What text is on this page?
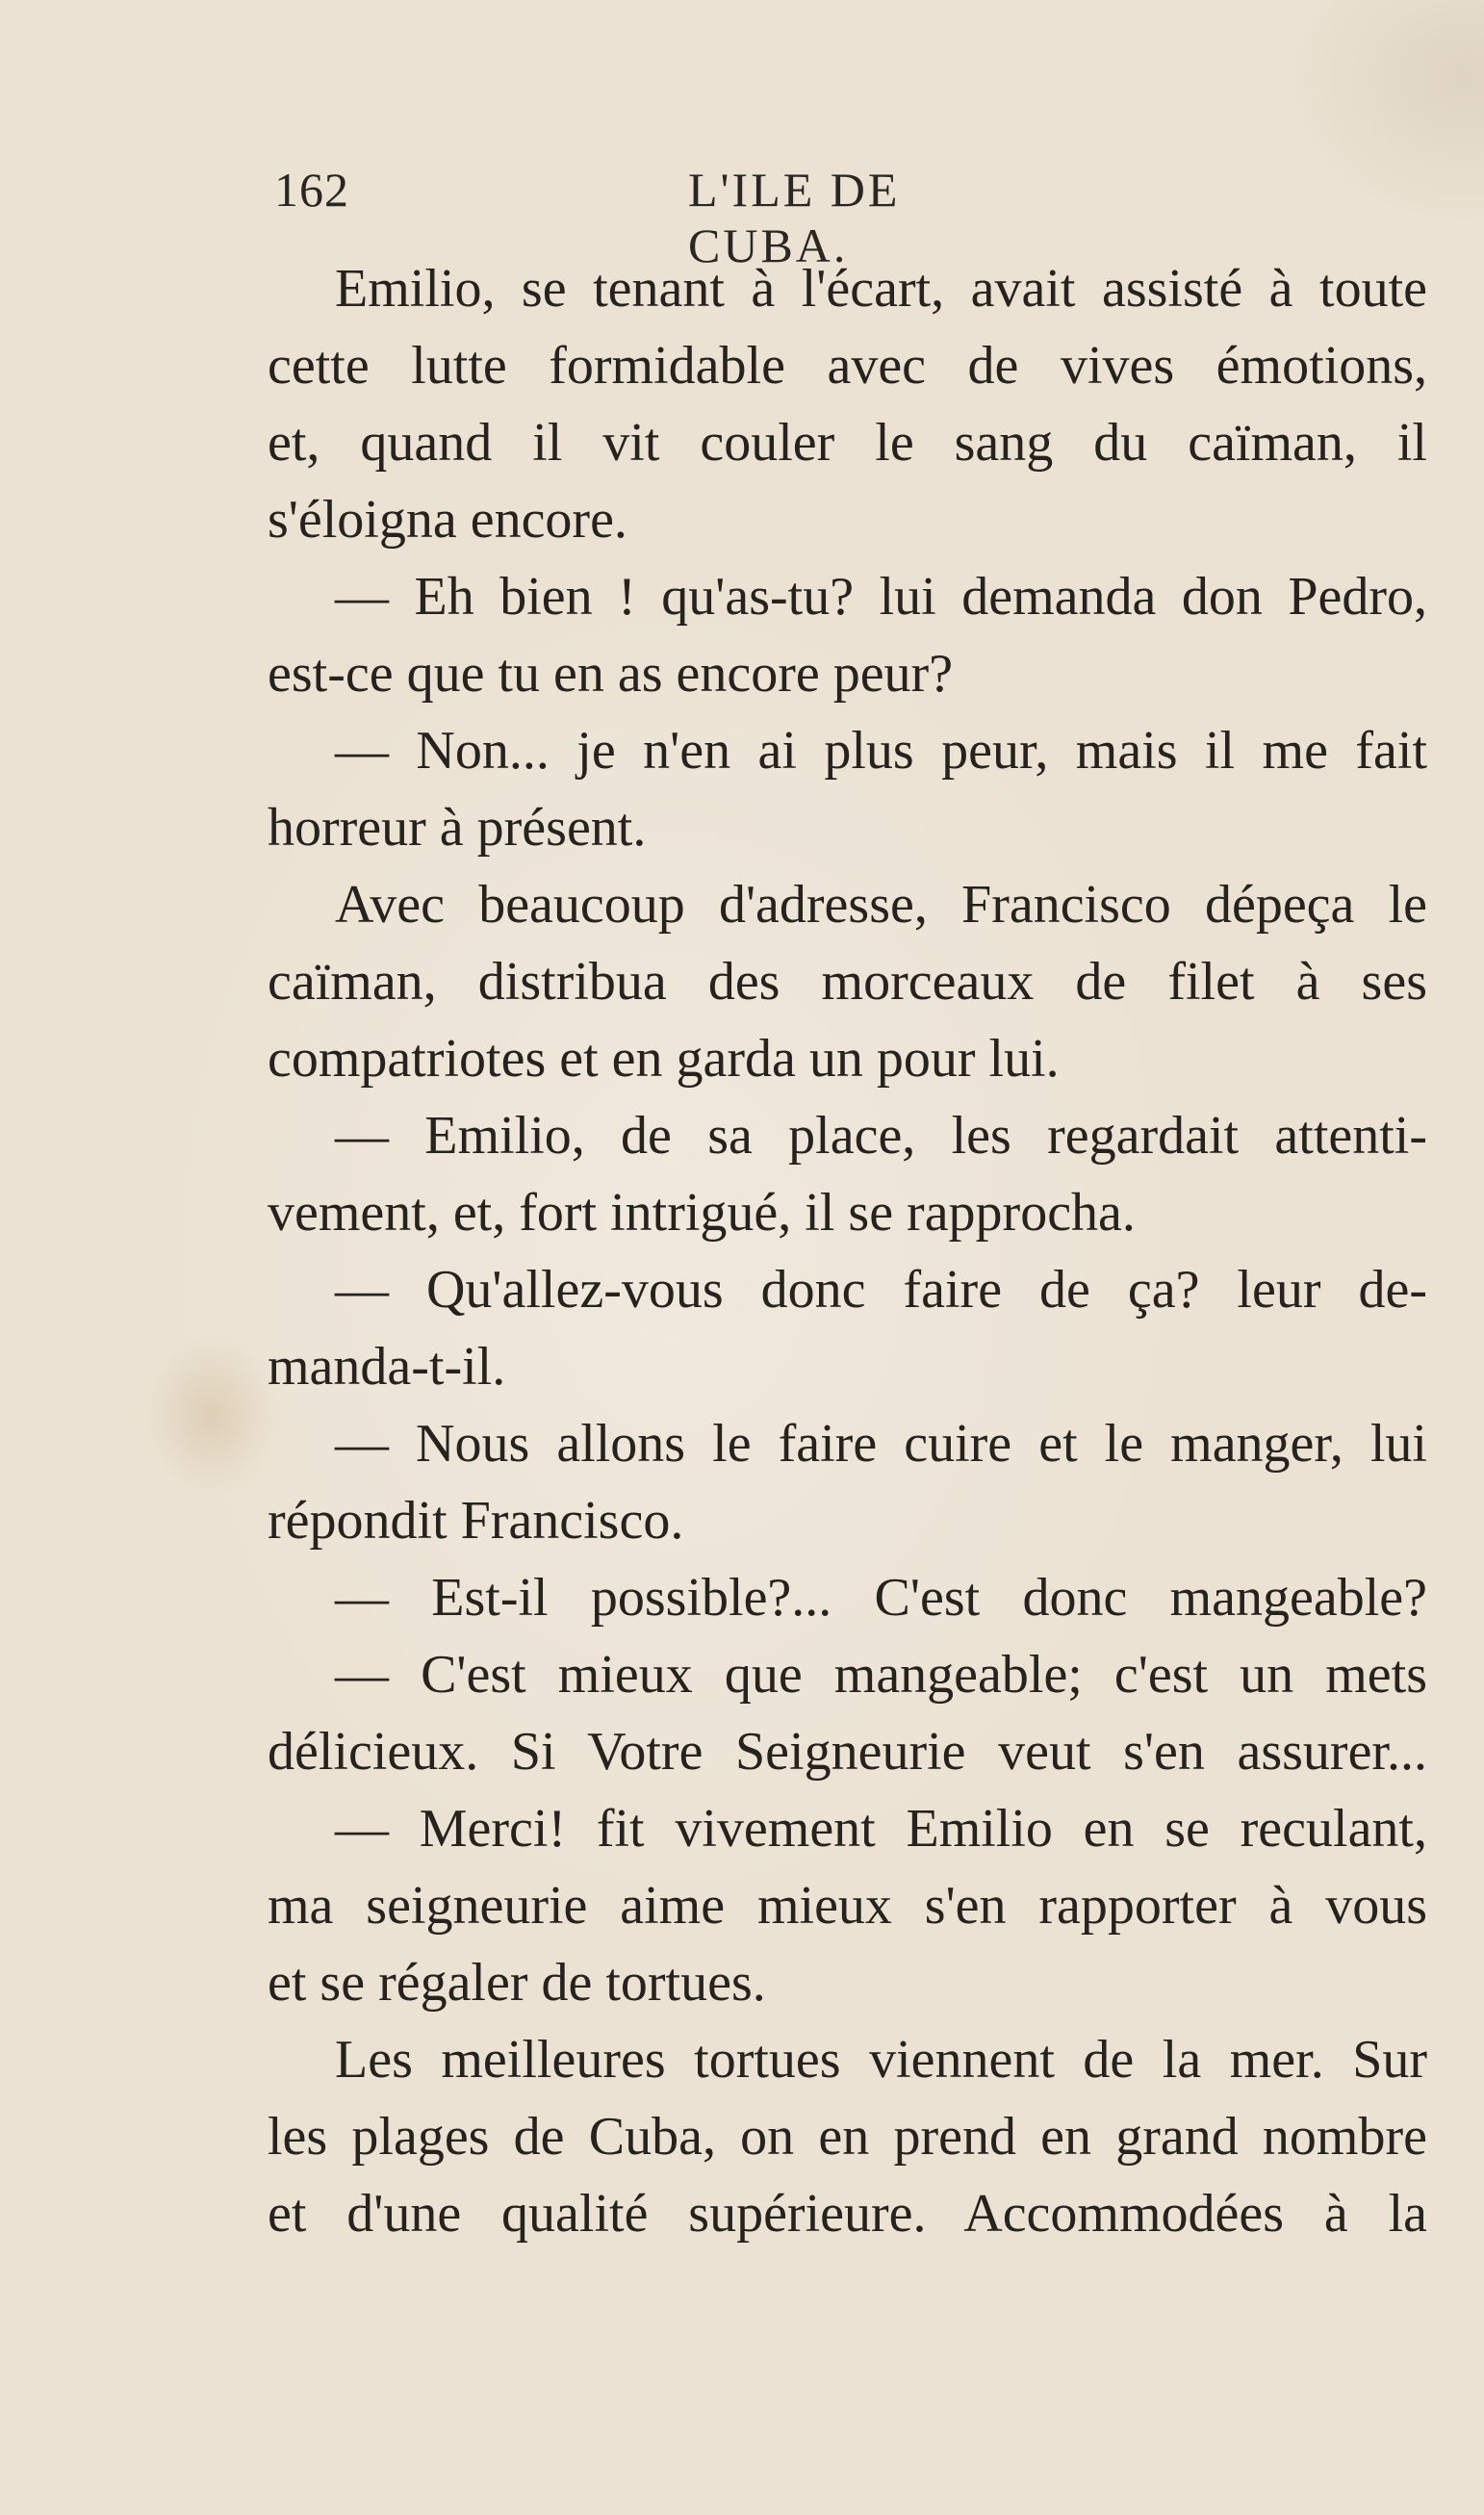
162	L'ILE DE CUBA.
Emilio, se tenant à l'écart, avait assisté à toute
cette lutte formidable avec de vives émotions,
et, quand il vit couler le sang du caïman, il
s'éloigna encore.
— Eh bien ! qu'as-tu? lui demanda don Pedro,
est-ce que tu en as encore peur?
— Non... je n'en ai plus peur, mais il me fait
horreur à présent.
Avec beaucoup d'adresse, Francisco dépeça le
caïman, distribua des morceaux de filet à ses
compatriotes et en garda un pour lui.
— Emilio, de sa place, les regardait attenti-
vement, et, fort intrigué, il se rapprocha.
— Qu'allez-vous donc faire de ça? leur de-
manda-t-il.
— Nous allons le faire cuire et le manger, lui
répondit Francisco.
— Est-il possible?... C'est donc mangeable?
— C'est mieux que mangeable; c'est un mets
délicieux. Si Votre Seigneurie veut s'en assurer...
— Merci! fit vivement Emilio en se reculant,
ma seigneurie aime mieux s'en rapporter à vous
et se régaler de tortues.
Les meilleures tortues viennent de la mer. Sur
les plages de Cuba, on en prend en grand nombre
et d'une qualité supérieure. Accommodées à la
